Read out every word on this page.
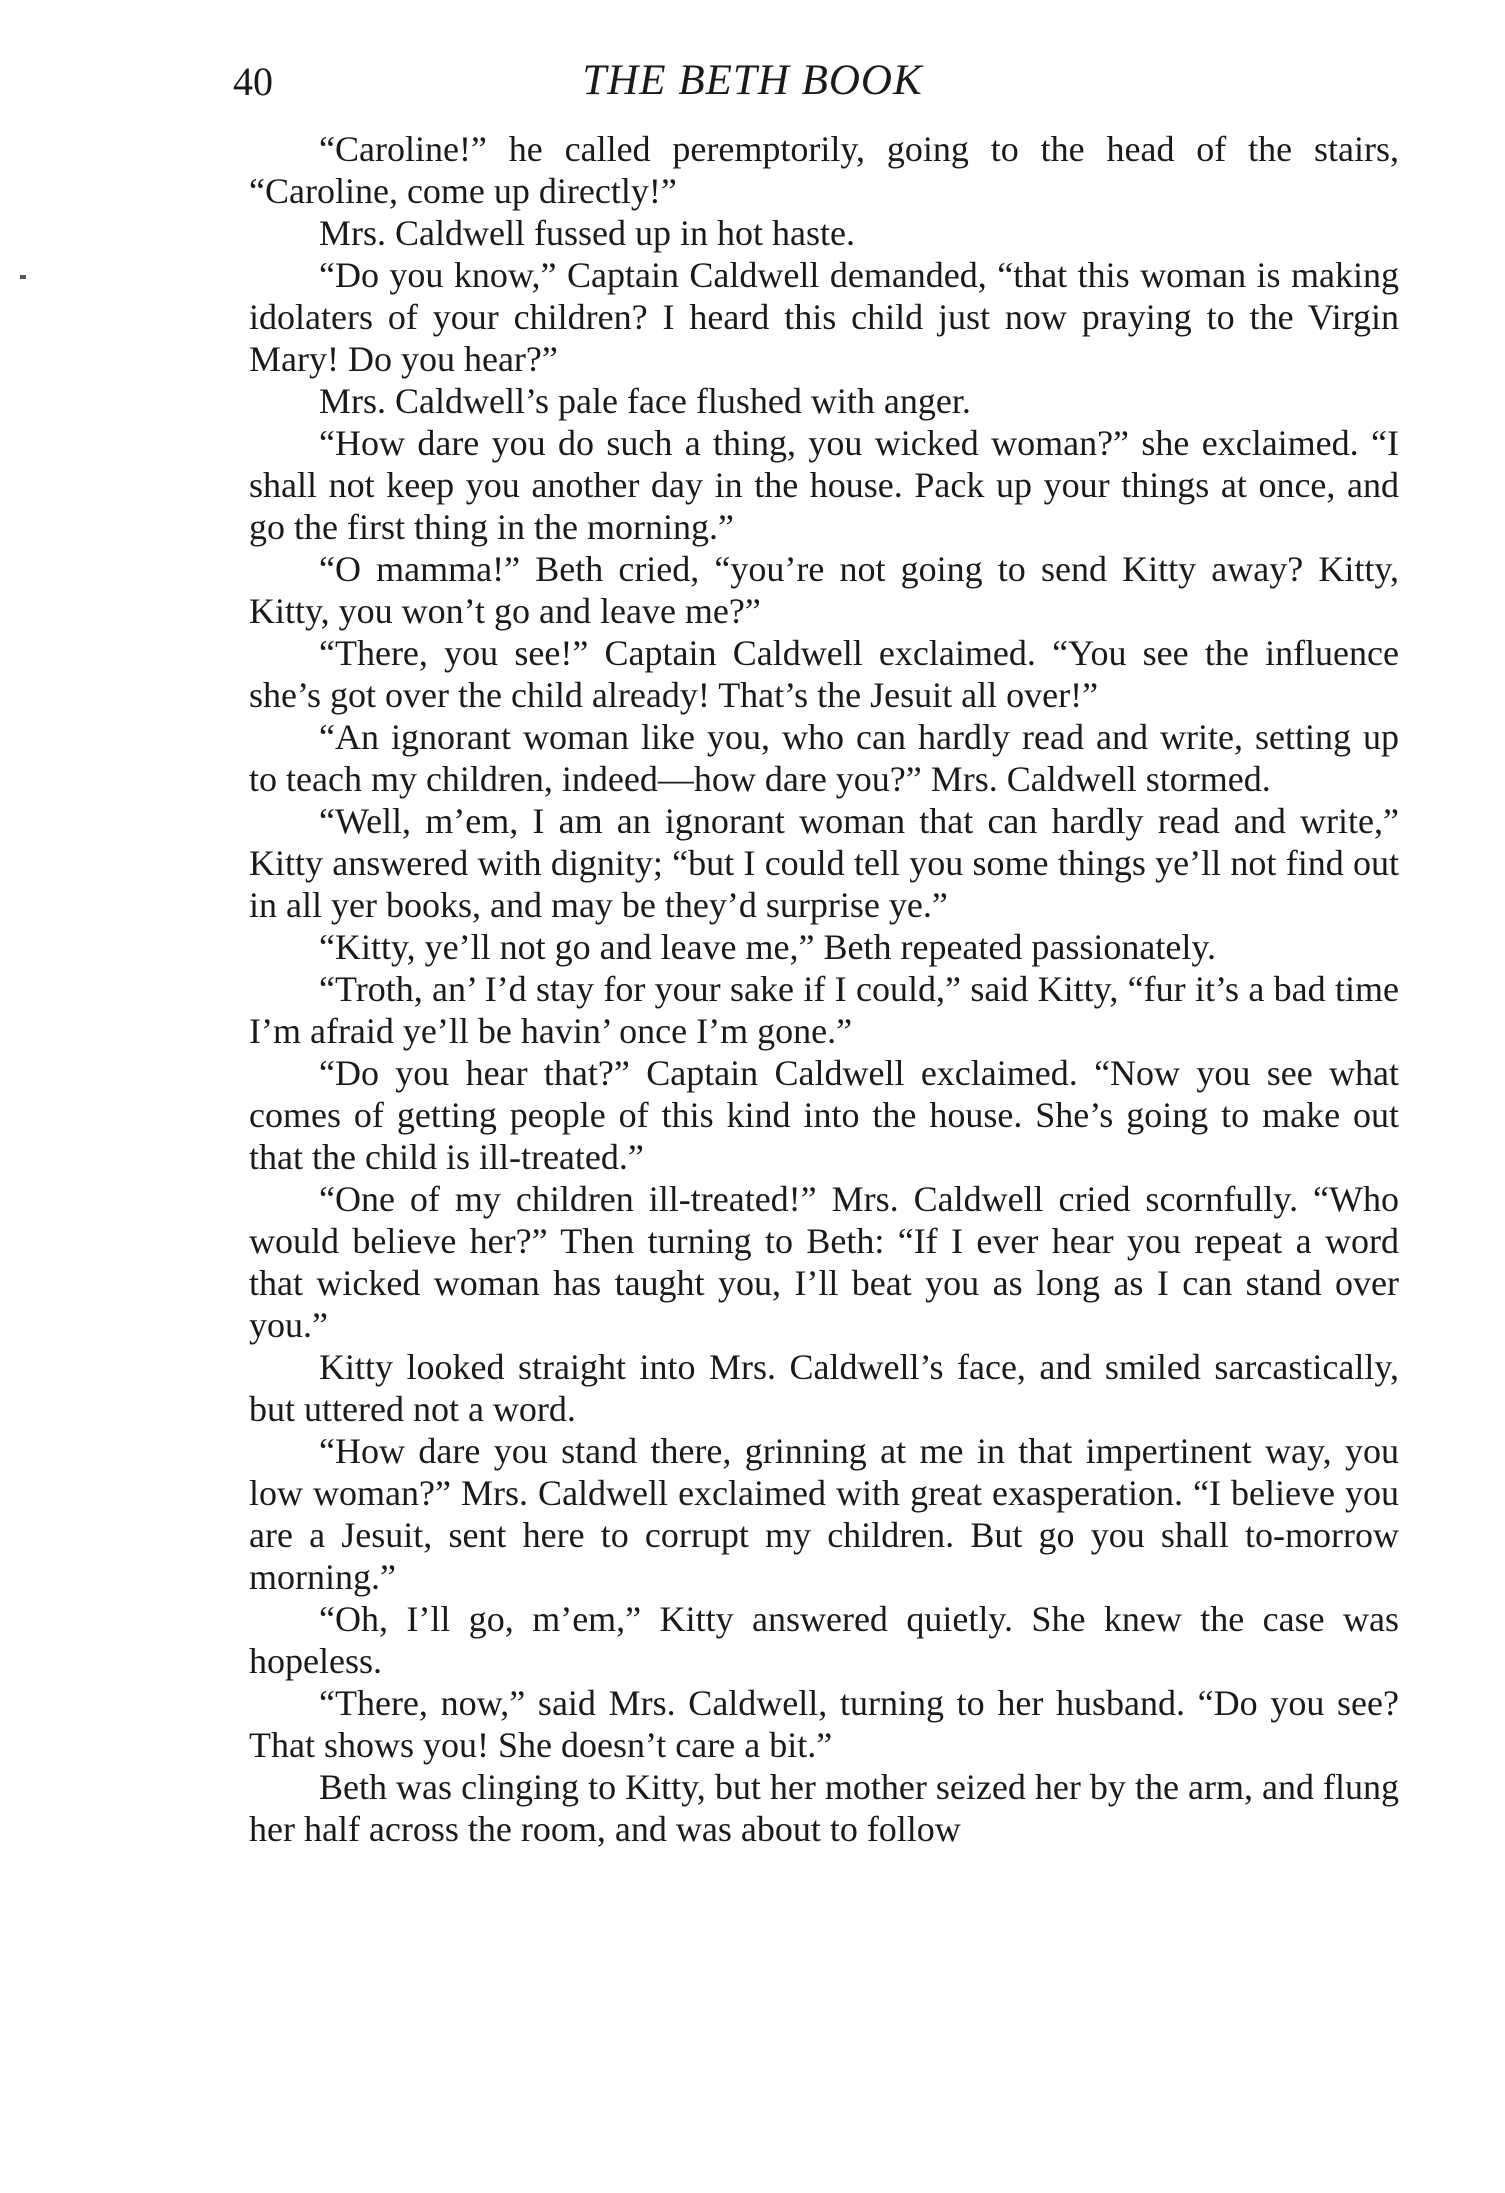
40	THE BETH BOOK

“Caroline!” he called peremptorily, going to the head of the stairs, “Caroline, come up directly!”

Mrs. Caldwell fussed up in hot haste.

“Do you know,” Captain Caldwell demanded, “that this woman is making idolaters of your children? I heard this child just now praying to the Virgin Mary! Do you hear?”

Mrs. Caldwell’s pale face flushed with anger.

“How dare you do such a thing, you wicked woman?” she exclaimed. “I shall not keep you another day in the house. Pack up your things at once, and go the first thing in the morning.”

“O mamma!” Beth cried, “you’re not going to send Kitty away? Kitty, Kitty, you won’t go and leave me?”

“There, you see!” Captain Caldwell exclaimed. “You see the influence she’s got over the child already! That’s the Jesuit all over!”

“An ignorant woman like you, who can hardly read and write, setting up to teach my children, indeed—how dare you?” Mrs. Caldwell stormed.

“Well, m’em, I am an ignorant woman that can hardly read and write,” Kitty answered with dignity; “but I could tell you some things ye’ll not find out in all yer books, and may be they’d surprise ye.”

“Kitty, ye’ll not go and leave me,” Beth repeated passionately.

“Troth, an’ I’d stay for your sake if I could,” said Kitty, “fur it’s a bad time I’m afraid ye’ll be havin’ once I’m gone.”

“Do you hear that?” Captain Caldwell exclaimed. “Now you see what comes of getting people of this kind into the house. She’s going to make out that the child is ill-treated.”

“One of my children ill-treated!” Mrs. Caldwell cried scornfully. “Who would believe her?” Then turning to Beth: “If I ever hear you repeat a word that wicked woman has taught you, I’ll beat you as long as I can stand over you.”

Kitty looked straight into Mrs. Caldwell’s face, and smiled sarcastically, but uttered not a word.

“How dare you stand there, grinning at me in that impertinent way, you low woman?” Mrs. Caldwell exclaimed with great exasperation. “I believe you are a Jesuit, sent here to corrupt my children. But go you shall to-morrow morning.”

“Oh, I’ll go, m’em,” Kitty answered quietly. She knew the case was hopeless.

“There, now,” said Mrs. Caldwell, turning to her husband. “Do you see? That shows you! She doesn’t care a bit.”

Beth was clinging to Kitty, but her mother seized her by the arm, and flung her half across the room, and was about to follow
